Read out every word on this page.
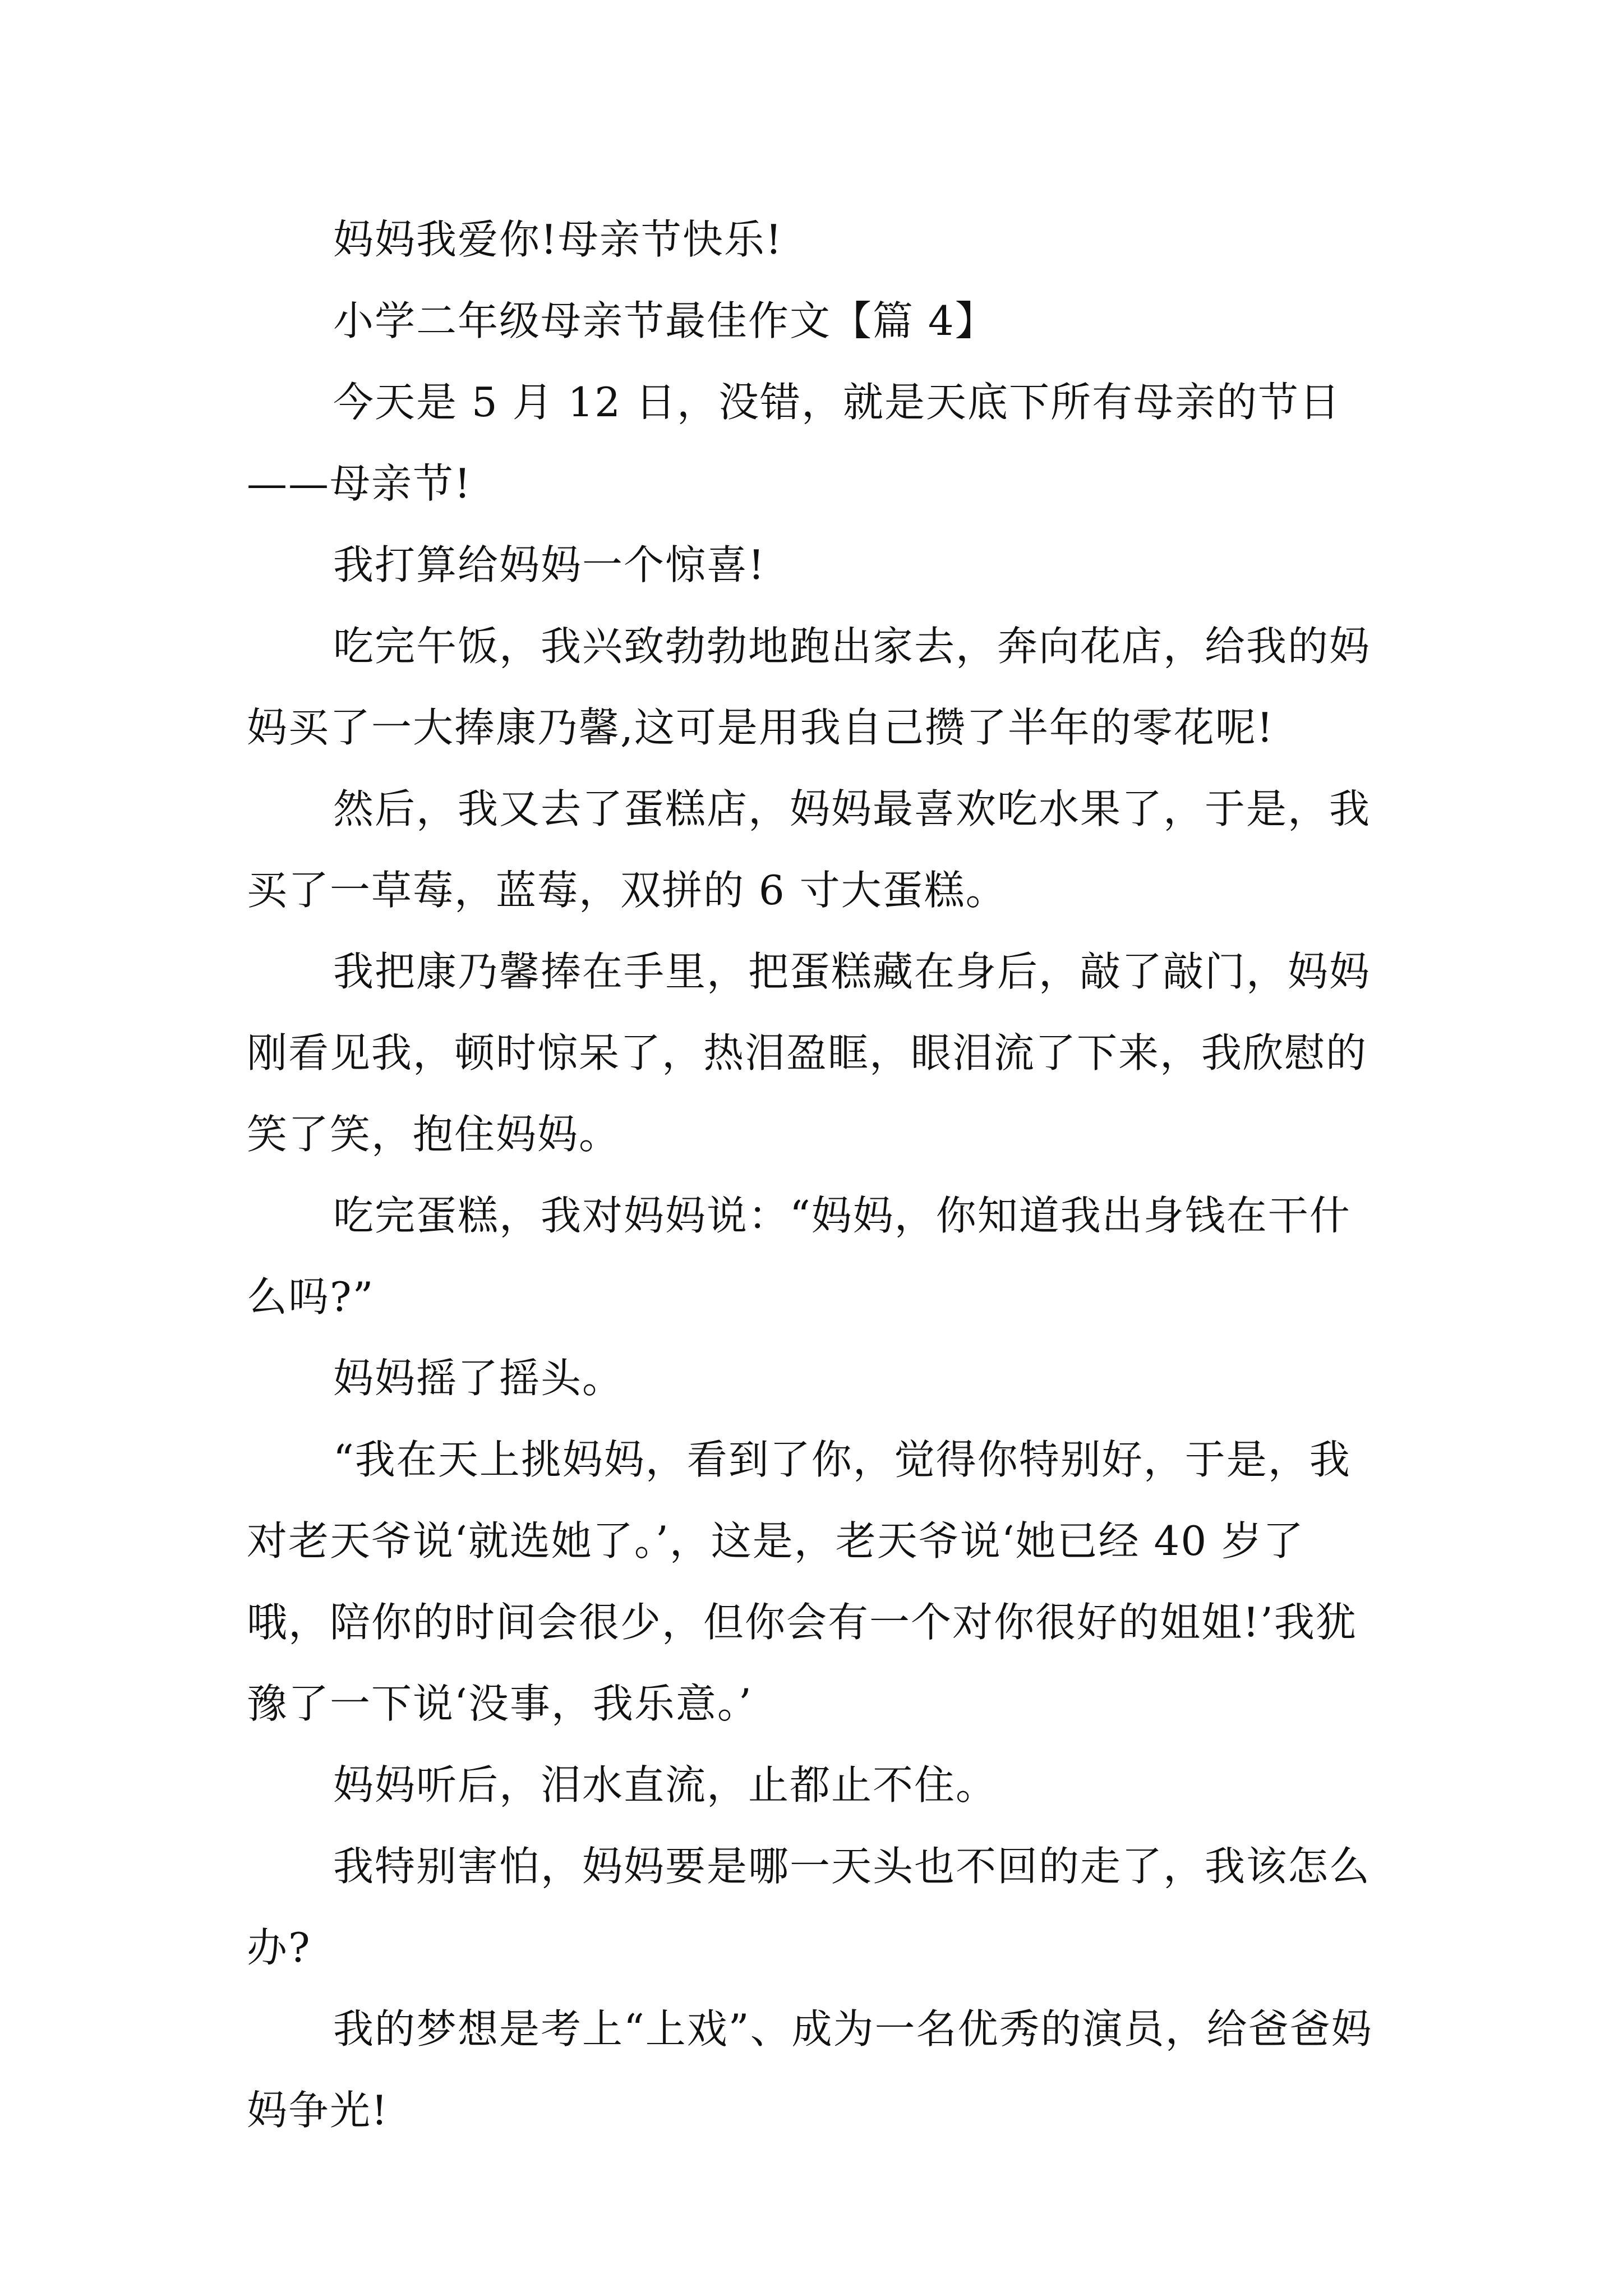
妈妈我爱你!母亲节快乐!

小学二年级母亲节最佳作文【篇 4】

今天是 5 月 12 日，没错，就是天底下所有母亲的节日——母亲节!

我打算给妈妈一个惊喜!

吃完午饭，我兴致勃勃地跑出家去，奔向花店，给我的妈妈买了一大捧康乃馨,这可是用我自己攒了半年的零花呢!

然后，我又去了蛋糕店，妈妈最喜欢吃水果了，于是，我买了一草莓，蓝莓，双拼的 6 寸大蛋糕。

我把康乃馨捧在手里，把蛋糕藏在身后，敲了敲门，妈妈刚看见我，顿时惊呆了，热泪盈眶，眼泪流了下来，我欣慰的笑了笑，抱住妈妈。

吃完蛋糕，我对妈妈说：“妈妈，你知道我出身钱在干什么吗?”

妈妈摇了摇头。

“我在天上挑妈妈，看到了你，觉得你特别好，于是，我对老天爷说‘就选她了。’，这是，老天爷说‘她已经 40 岁了哦，陪你的时间会很少，但你会有一个对你很好的姐姐!’我犹豫了一下说‘没事，我乐意。’

妈妈听后，泪水直流，止都止不住。

我特别害怕，妈妈要是哪一天头也不回的走了，我该怎么办?

我的梦想是考上“上戏”、成为一名优秀的演员，给爸爸妈妈争光!
